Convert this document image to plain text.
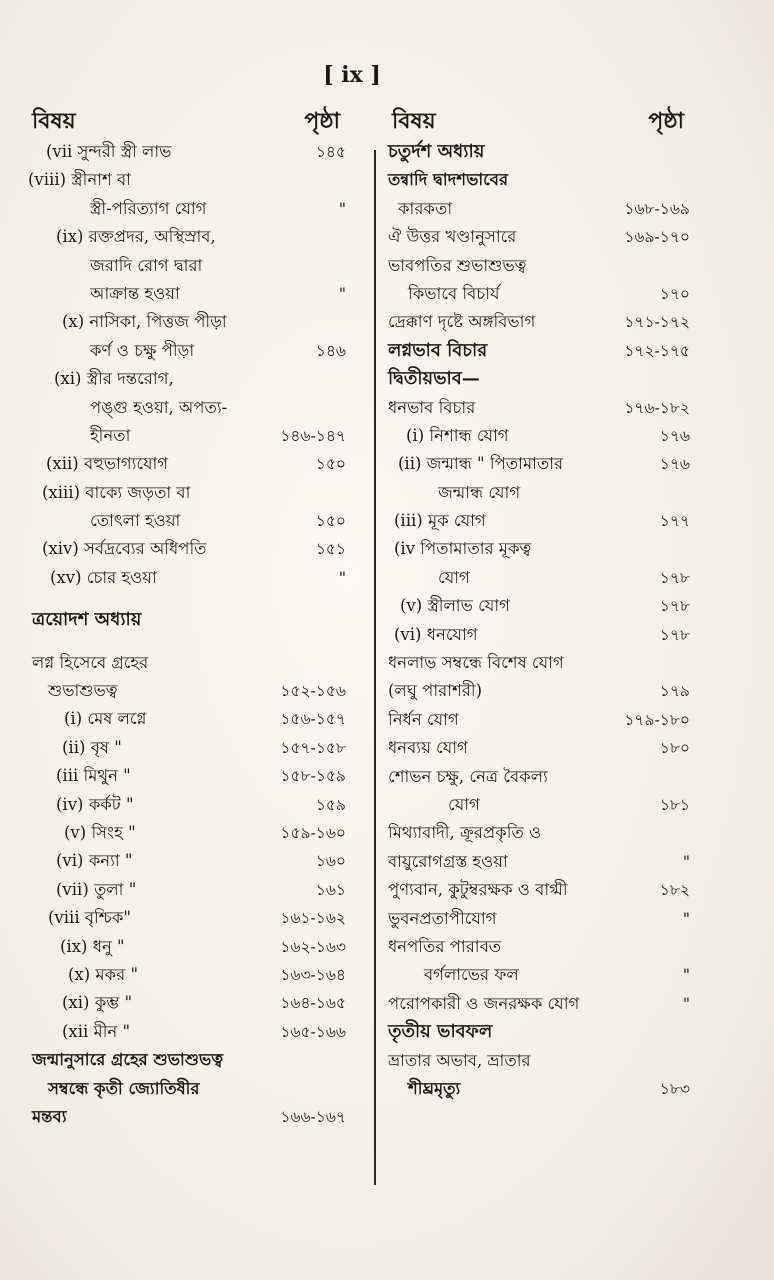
[ ix ]
বিষয়	পৃষ্ঠা
(vii সুন্দরী স্ত্রী লাভ	১৪৫
(viii) স্ত্রীনাশ বা
স্ত্রী-পরিত্যাগ যোগ	"
(ix) রক্তপ্রদর, অস্থিস্রাব,
জরাদি রোগ দ্বারা
আক্রান্ত হওয়া	"
(x) নাসিকা, পিত্তজ পীড়া
কর্ণ ও চক্ষু পীড়া	১৪৬
(xi) স্ত্রীর দন্তরোগ,
পঙ্গু হওয়া, অপত্য-
হীনতা	১৪৬-১৪৭
(xii) বহুভাগ্যযোগ	১৫০
(xiii) বাক্যে জড়তা বা
তোৎলা হওয়া	১৫০
(xiv) সর্বদ্রব্যের অধিপতি	১৫১
(xv) চোর হওয়া	"
ত্রয়োদশ অধ্যায়
লগ্ন হিসেবে গ্রহের
শুভাশুভত্ব	১৫২-১৫৬
(i) মেষ লগ্নে	১৫৬-১৫৭
(ii) বৃষ "	১৫৭-১৫৮
(iii মিথুন "	১৫৮-১৫৯
(iv) কর্কট "	১৫৯
(v) সিংহ "	১৫৯-১৬০
(vi) কন্যা "	১৬০
(vii) তুলা "	১৬১
(viii বৃশ্চিক"	১৬১-১৬২
(ix) ধনু "	১৬২-১৬৩
(x) মকর "	১৬৩-১৬৪
(xi) কুম্ভ "	১৬৪-১৬৫
(xii মীন "	১৬৫-১৬৬
জন্মানুসারে গ্রহের শুভাশুভত্ব
সম্বন্ধে কৃতী জ্যোতিষীর
মন্তব্য	১৬৬-১৬৭
বিষয়	পৃষ্ঠা
চতুর্দশ অধ্যায়
তন্বাদি দ্বাদশভাবের
কারকতা	১৬৮-১৬৯
ঐ উত্তর খণ্ডানুসারে	১৬৯-১৭০
ভাবপতির শুভাশুভত্ব
কিভাবে বিচার্য	১৭০
দ্রেক্কাণ দৃষ্টে অঙ্গবিভাগ	১৭১-১৭২
লগ্নভাব বিচার	১৭২-১৭৫
দ্বিতীয়ভাব—
ধনভাব বিচার	১৭৬-১৮২
(i) নিশান্ধ যোগ	১৭৬
(ii) জন্মান্ধ " পিতামাতার	১৭৬
জন্মান্ধ যোগ
(iii) মূক যোগ	১৭৭
(iv পিতামাতার মূকত্ব
যোগ	১৭৮
(v) স্ত্রীলাভ যোগ	১৭৮
(vi) ধনযোগ	১৭৮
ধনলাভ সম্বন্ধে বিশেষ যোগ
(লঘু পারাশরী)	১৭৯
নির্ধন যোগ	১৭৯-১৮০
ধনব্যয় যোগ	১৮০
শোভন চক্ষু, নেত্র বৈকল্য
যোগ	১৮১
মিথ্যাবাদী, ক্রূরপ্রকৃতি ও
বায়ুরোগগ্রস্ত হওয়া	"
পুণ্যবান, কুটুম্বরক্ষক ও বাগ্মী	১৮২
ভুবনপ্রতাপীযোগ	"
ধনপতির পারাবত
বর্গলাভের ফল	"
পরোপকারী ও জনরক্ষক যোগ	"
তৃতীয় ভাবফল
ভ্রাতার অভাব, ভ্রাতার
শীঘ্রমৃত্যু	১৮৩
